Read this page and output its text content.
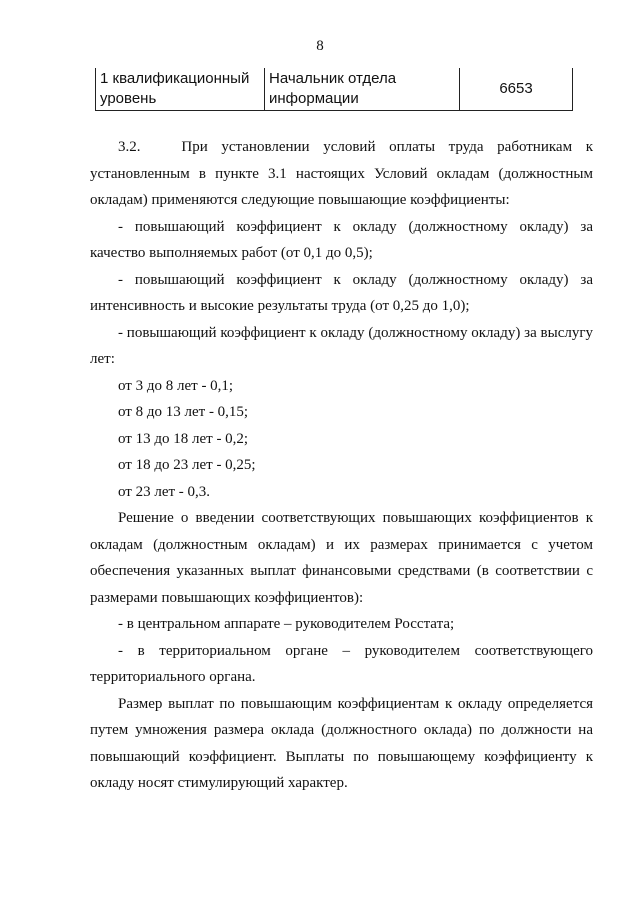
8
1 квалификационный уровень	Начальник отдела информации	6653

3.2.   При установлении условий оплаты труда работникам к установленным в пункте 3.1 настоящих Условий окладам (должностным окладам) применяются следующие повышающие коэффициенты:

- повышающий коэффициент к окладу (должностному окладу) за качество выполняемых работ (от 0,1 до 0,5);

- повышающий коэффициент к окладу (должностному окладу) за интенсивность и высокие результаты труда (от 0,25 до 1,0);

- повышающий коэффициент к окладу (должностному окладу) за выслугу лет:

от 3 до 8 лет - 0,1;

от 8 до 13 лет - 0,15;

от 13 до 18 лет - 0,2;

от 18 до 23 лет - 0,25;

от 23 лет - 0,3.

Решение о введении соответствующих повышающих коэффициентов к окладам (должностным окладам) и их размерах принимается с учетом обеспечения указанных выплат финансовыми средствами (в соответствии с размерами повышающих коэффициентов):

- в центральном аппарате – руководителем Росстата;

- в территориальном органе – руководителем соответствующего территориального органа.

Размер выплат по повышающим коэффициентам к окладу определяется путем умножения размера оклада (должностного оклада) по должности на повышающий коэффициент. Выплаты по повышающему коэффициенту к окладу носят стимулирующий характер.
